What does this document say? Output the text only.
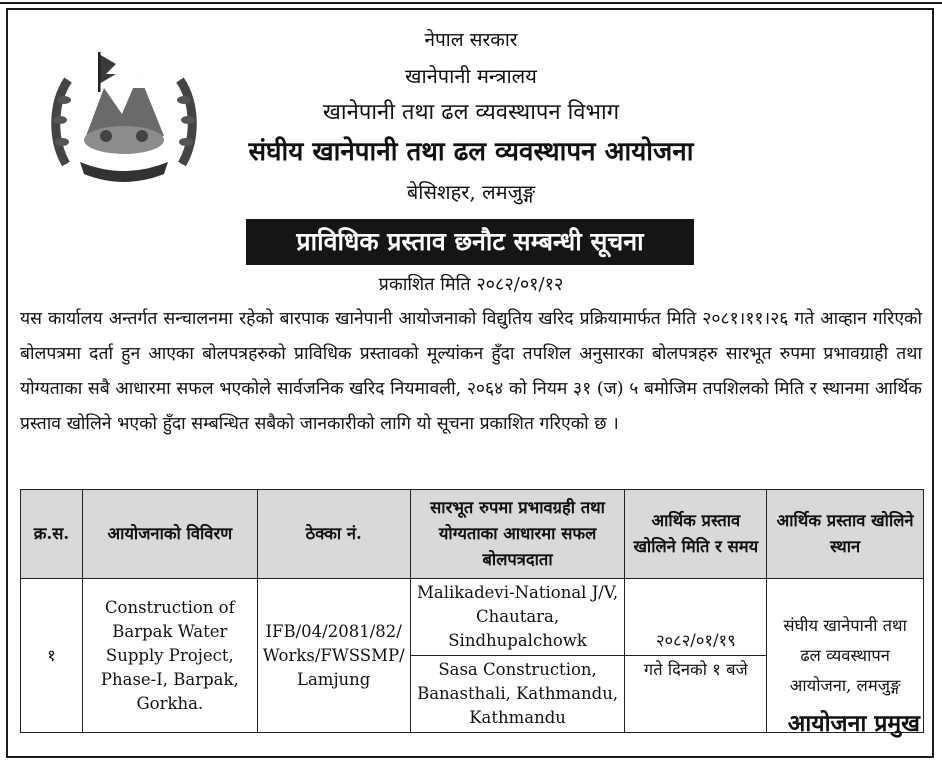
नेपाल सरकार
खानेपानी मन्त्रालय
खानेपानी तथा ढल व्यवस्थापन विभाग
संघीय खानेपानी तथा ढल व्यवस्थापन आयोजना
बेसिशहर, लमजुङ्ग
प्राविधिक प्रस्ताव छनौट सम्बन्धी सूचना
प्रकाशित मिति २०८२/०१/१२
यस कार्यालय अन्तर्गत सन्चालनमा रहेको बारपाक खानेपानी आयोजनाको विद्युतिय खरिद प्रक्रियामार्फत मिति २०८१।११।२६ गते आव्हान गरिएको बोलपत्रमा दर्ता हुन आएका बोलपत्रहरुको प्राविधिक प्रस्तावको मूल्यांकन हुँदा तपशिल अनुसारका बोलपत्रहरु सारभूत रुपमा प्रभावग्राही तथा योग्यताका सबै आधारमा सफल भएकोले सार्वजनिक खरिद नियमावली, २०६४ को नियम ३१ (ज) ५ बमोजिम तपशिलको मिति र स्थानमा आर्थिक प्रस्ताव खोलिने भएको हुँदा सम्बन्धित सबैको जानकारीको लागि यो सूचना प्रकाशित गरिएको छ ।
क्र.स.	आयोजनाको विविरण	ठेक्का नं.	सारभूत रुपमा प्रभावग्रही तथा योग्यताका आधारमा सफल बोलपत्रदाता	आर्थिक प्रस्ताव खोलिने मिति र समय	आर्थिक प्रस्ताव खोलिने स्थान
१	Construction of Barpak Water Supply Project, Phase-I, Barpak, Gorkha.	IFB/04/2081/82/ Works/FWSSMP/ Lamjung	Malikadevi-National J/V, Chautara, Sindhupalchowk	२०८२/०१/१९	संघीय खानेपानी तथा ढल व्यवस्थापन आयोजना, लमजुङ्ग
			Sasa Construction, Banasthali, Kathmandu, Kathmandu	गते दिनको १ बजे	
आयोजना प्रमुख
